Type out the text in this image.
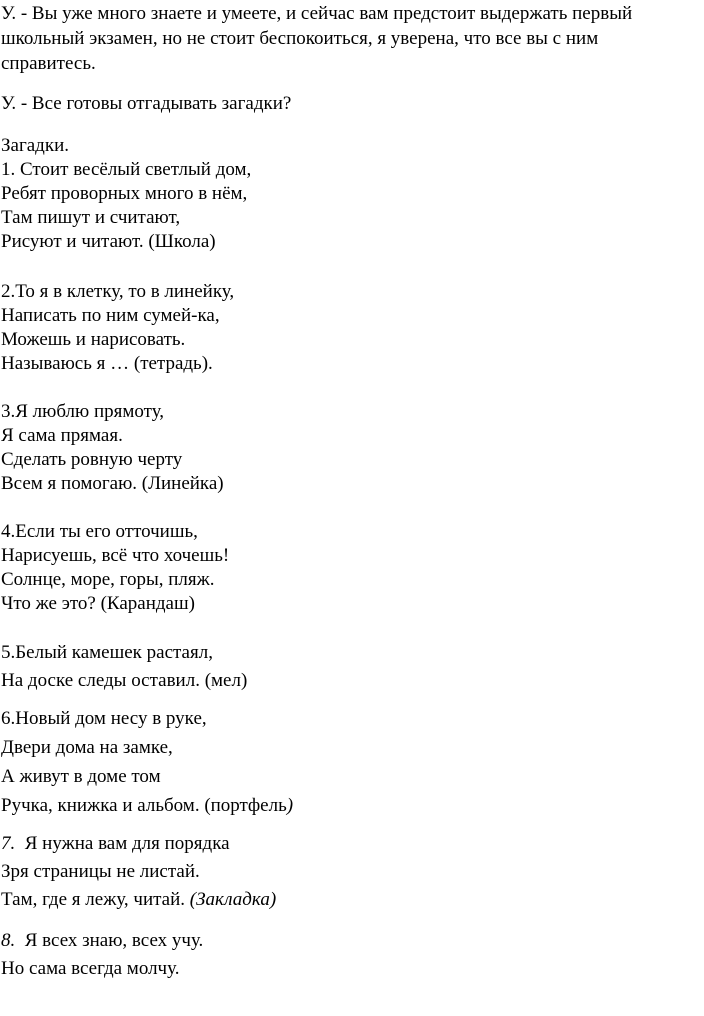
У. - Вы уже много знаете и умеете, и сейчас вам предстоит выдержать первый
школьный экзамен, но не стоит беспокоиться, я уверена, что все вы с ним
справитесь.
У. - Все готовы отгадывать загадки?
Загадки.
1. Стоит весёлый светлый дом,
Ребят проворных много в нём,
Там пишут и считают,
Рисуют и читают. (Школа)
2.То я в клетку, то в линейку,
Написать по ним сумей-ка,
Можешь и нарисовать.
Называюсь я … (тетрадь).
3.Я люблю прямоту,
Я сама прямая.
Сделать ровную черту
Всем я помогаю. (Линейка)
4.Если ты его отточишь,
Нарисуешь, всё что хочешь!
Солнце, море, горы, пляж.
Что же это? (Карандаш)
5.Белый камешек растаял,
На доске следы оставил. (мел)
6.Новый дом несу в руке,
Двери дома на замке,
А живут в доме том
Ручка, книжка и альбом. (портфель)
7. Я нужна вам для порядка
Зря страницы не листай.
Там, где я лежу, читай. (Закладка)
8. Я всех знаю, всех учу.
Но сама всегда молчу.
